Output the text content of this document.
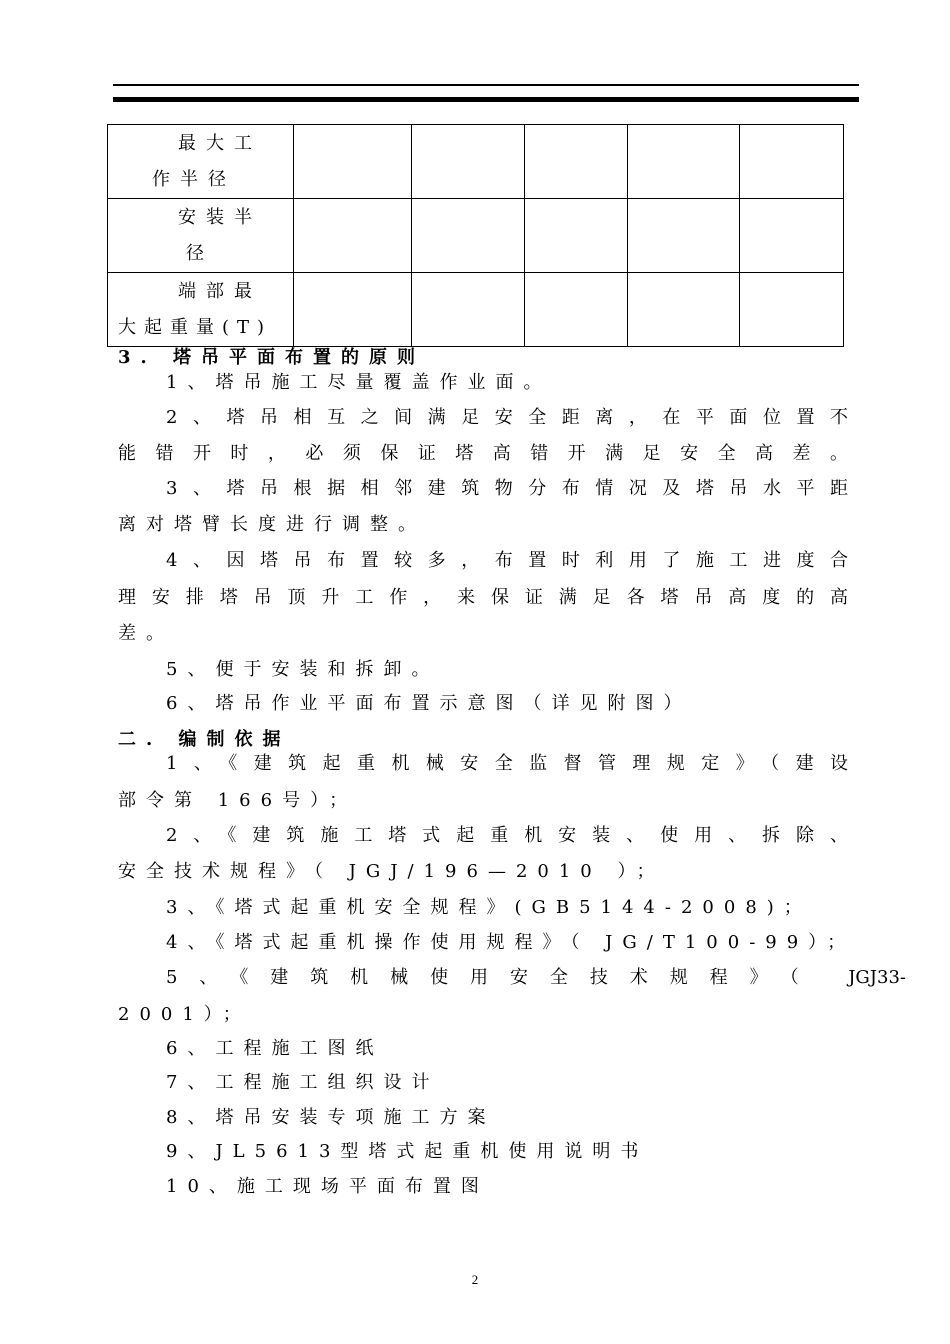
最大工
作半径					

安装半
径					

端部最
大起重量(T)					

3. 塔吊平面布置的原则
1、塔吊施工尽量覆盖作业面。
2、塔吊相互之间满足安全距离，在平面位置不
能错开时，必须保证塔高错开满足安全高差。
3、塔吊根据相邻建筑物分布情况及塔吊水平距
离对塔臂长度进行调整。
4、因塔吊布置较多，布置时利用了施工进度合
理安排塔吊顶升工作，来保证满足各塔吊高度的高
差。
5、便于安装和拆卸。
6、塔吊作业平面布置示意图（详见附图）
二. 编制依据
1、《建筑起重机械安全监督管理规定》（建设
部令第 166号）；
2、《建筑施工塔式起重机安装、使用、拆除、
安全技术规程》（ JGJ/196—2010 ）；
3、《塔式起重机安全规程》(GB5144-2008)；
4、《塔式起重机操作使用规程》（ JG/T100-99）；
5、《建筑机械使用安全技术规程》（ JGJ33-
2001）；
6、工程施工图纸
7、工程施工组织设计
8、塔吊安装专项施工方案
9、JL5613型塔式起重机使用说明书
10、施工现场平面布置图
2
